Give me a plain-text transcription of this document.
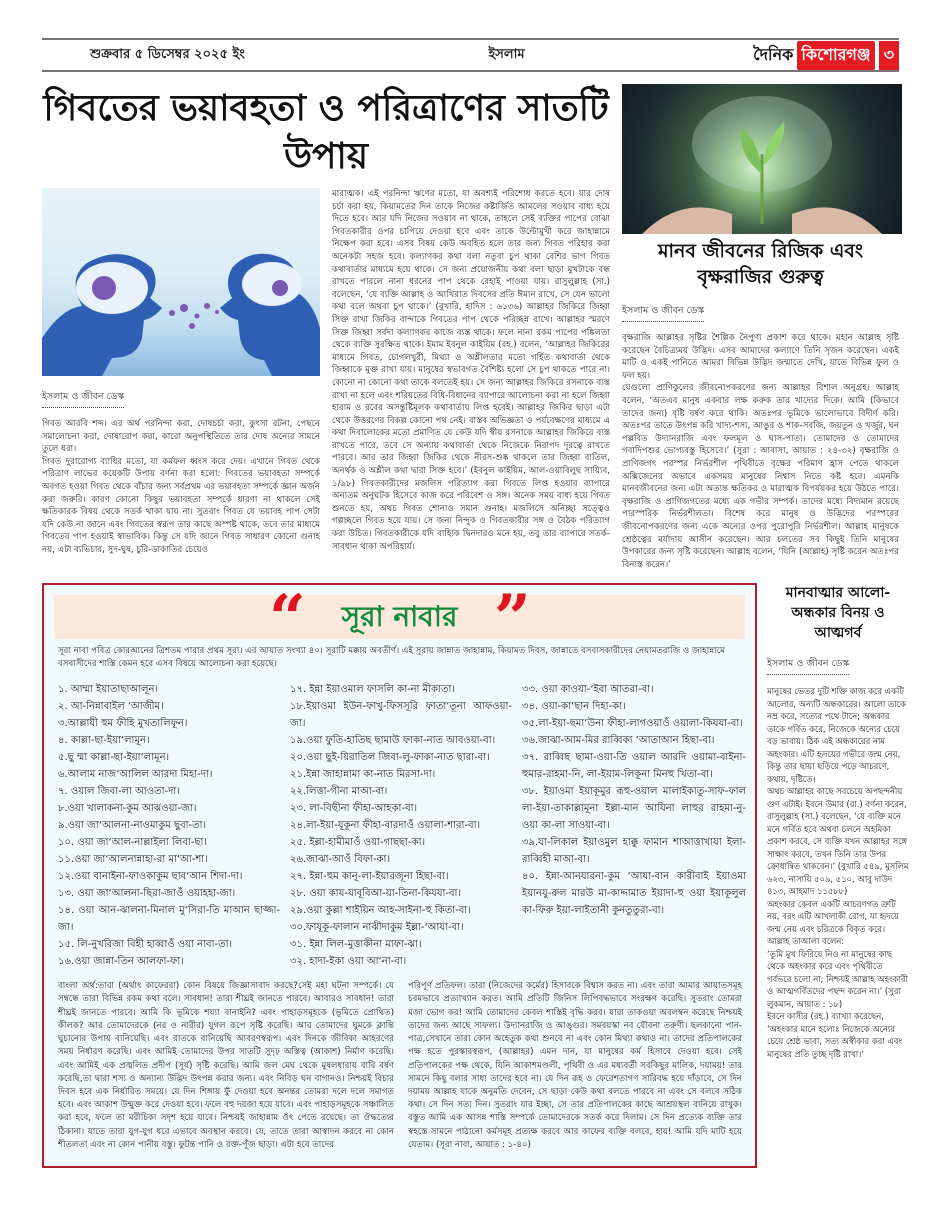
শুক্রবার ৫ ডিসেম্বর ২০২৫ ইং	ইসলাম	দৈনিক কিশোরগঞ্জ ৩
গিবতের ভয়াবহতা ও পরিত্রাণের সাতটি উপায়
ইসলাম ও জীবন ডেস্ক
গিবত আরবি শব্দ। এর অর্থ পরনিন্দা করা, দোষচর্চা করা, কুৎসা রটনা, পেছনে সমালোচনা করা, দোষারোপ করা, কারো অনুপস্থিতিতে তার দোষ অন্যের সামনে তুলে ধরা।
গিবত দুরারোগ্য ব্যাধির মতো, যা কর্মফল ধ্বংস করে দেয়। এখানে গিবত থেকে পরিত্রাণ লাভের কয়েকটি উপায় বর্ণনা করা হলো: গিবতের ভয়াবহতা সম্পর্কে অবগত হওয়া গিবত থেকে বাঁচার জন্য সর্বপ্রথম এর ভয়াবহতা সম্পর্কে জ্ঞান অর্জন করা জরুরি। কারণ কোনো কিছুর ভয়াবহতা সম্পর্কে ধারণা না থাকলে সেই ক্ষতিকারক বিষয় থেকে সতর্ক থাকা যায় না। সুতরাং গিবত যে ভয়াবহ পাপ সেটা যদি কেউ না জানে এবং গিবতের স্বরূপ তার কাছে অস্পষ্ট থাকে, তবে তার মাধ্যমে গিবতের পাপ হওয়াই স্বাভাবিক। কিন্তু সে যদি জানে গিবত সাধারণ কোনো গুনাহ নয়, এটা ব্যভিচার, সুদ-ঘুষ, চুরি-ডাকাতির চেয়েও
মারাত্মক। এই পরনিন্দা ঋণের মতো, যা অবশ্যই পরিশোধ করতে হবে। যার দোষ চর্চা করা হয়, কিয়ামতের দিন তাকে নিজের কষ্টার্জিত আমলের সওয়াব বাধ্য হয়ে দিতে হবে। আর যদি নিজের সওয়াব না থাকে, তাহলে সেই ব্যক্তির পাপের বোঝা গিবতকারীর ওপর চাপিয়ে দেওয়া হবে এবং তাকে উল্টোমুখী করে জাহান্নামে নিক্ষেপ করা হবে। এসব বিষয় কেউ অবহিত হলে তার জন্য গিবত পরিহার করা অনেকটা সহজ হবে। কল্যাণকর কথা বলা নতুবা চুপ থাকা বেশির ভাগ গিবত কথাবার্তার মাধ্যমে হয়ে থাকে। সে জন্য প্রয়োজনীয় কথা বলা ছাড়া মুখটাকে বন্ধ রাখতে পারলে নানা ধরনের পাপ থেকে রেহাই পাওয়া যায়। রাসুলুল্লাহ (সা.) বলেছেন, ‘যে ব্যক্তি আল্লাহ ও আখিরাত দিবসের প্রতি ঈমান রাখে, সে যেন ভালো কথা বলে অথবা চুপ থাকে।’ (বুখারি, হাদিস : ৬১৩৬) আল্লাহর জিকিরে জিহ্বা সিক্ত রাখা জিকির বান্দাকে গিবতের পাপ থেকে পরিচ্ছন্ন রাখে। আল্লাহর স্মরণে সিক্ত জিহ্বা সর্বদা কল্যাণকর কাজে ব্যস্ত থাকে। ফলে নানা রকম পাপের পঙ্কিলতা থেকে ব্যক্তি সুরক্ষিত থাকে। ইমাম ইবনুল কাইয়িম (রহ.) বলেন, ‘আল্লাহর জিকিরের মাধ্যমে গিবত, চোগলখুরী, মিথ্যা ও অশ্লীলতার মতো গর্হিত কথাবার্তা থেকে জিহ্বাকে মুক্ত রাখা যায়। মানুষের স্বভাবগত বৈশিষ্ট্য হলো সে চুপ থাকতে পারে না। কোনো না কোনো কথা তাকে বলতেই হয়। সে জন্য আল্লাহর জিকিরে রসনাকে ব্যস্ত রাখা না হলে এবং শরিয়তের বিধি-বিধানের ব্যাপারে আলোচনা করা না হলে জিহ্বা হারাম ও রবের অসন্তুষ্টিমূলক কথাবার্তায় লিপ্ত হবেই। আল্লাহর জিকির ছাড়া এটা থেকে উত্তরণের বিকল্প কোনো পথ নেই। বাস্তব অভিজ্ঞতা ও পর্যবেক্ষণের মাধ্যমে এ কথা দিবালোকের মতো প্রমাণিত যে কেউ যদি স্বীয় রসনাকে আল্লাহর জিকিরে ব্যস্ত রাখতে পারে, তবে সে অন্যায় কথাবার্তা থেকে নিজেকে নিরাপদ দূরত্বে রাখতে পারবে। আর তার জিহ্বা জিকির থেকে নীরস-শুষ্ক থাকলে তার জিহ্বা বাতিল, অনর্থক ও অশ্লীল কথা দ্বারা সিক্ত হবে।’ (ইবনুল কাইয়িম, আল-ওয়াবিলুছ সায়্যিব, ১/৯৮) গিবতকারীদের মজলিস পরিত্যাগ করা গিবতে লিপ্ত হওয়ার ব্যাপারে অন্যতম অনুঘটক হিসেবে কাজ করে পরিবেশ ও সঙ্গ। অনেক সময় বাধ্য হয়ে গিবত শুনতে হয়, অথচ গিবত শোনাও সমান গুনাহ। মজলিসে অনিচ্ছা সত্ত্বেও গল্পচ্ছলে গিবত হয়ে যায়। সে জন্য নিন্দুক ও গিবতকারীর সঙ্গ ও বৈঠক পরিত্যাগ করা উচিত। গিবতকারীকে যদি বাহ্যিক দ্বিনদারও মনে হয়, তবু তার ব্যাপারে সতর্ক-সাবধান থাকা অপরিহার্য।
মানব জীবনের রিজিক এবং বৃক্ষরাজির গুরুত্ব
ইসলাম ও জীবন ডেস্ক
বৃক্ষরাজি আল্লাহর সৃষ্টির শৈল্পিক নৈপুণ্য প্রকাশ করে থাকে। মহান আল্লাহ সৃষ্টি করেছেন বৈচিত্র্যময় উদ্ভিদ। এসব আমাদের কল্যাণে তিনি সৃজন করেছেন। একই মাটি ও একই পানিতে আমরা বিভিন্ন উদ্ভিদ জন্মাতে দেখি, যাতে বিভিন্ন ফুল ও ফল হয়।
যেগুলো প্রাণিকুলের জীবনোপকরণের জন্য আল্লাহর বিশাল অনুগ্রহ। আল্লাহ বলেন, ‘অতএব মানুষ একবার লক্ষ করুক তার খাদ্যের দিকে। আমি (কিভাবে তাদের জন্য) বৃষ্টি বর্ষণ করে থাকি। অতঃপর ভূমিকে ভালোভাবে বিদীর্ণ করি। অতঃপর তাতে উৎপন্ন করি খাদ্য-শস্য, আঙুর ও শাক-সবজি, জয়তুন ও খর্জুর, ঘন পল্লবিত উদ্যানরাজি এবং ফলমূল ও ঘাস-পাতা। তোমাদের ও তোমাদের গবাদিপশুর ভোগ্যবস্তু হিসেবে।’ (সুরা : আবাসা, আয়াত : ২৪-৩২) বৃক্ষরাজি ও প্রাণিজগৎ পরস্পর নির্ভরশীল পৃথিবীতে বৃক্ষের পরিমাণ হ্রাস পেতে থাকলে অক্সিজেনের অভাবে একসময় মানুষের নিশ্বাস নিতে কষ্ট হবে। এমনকি মানবজীবনের জন্য এটা অত্যন্ত ক্ষতিকর ও মারাত্মক বিপর্যয়কর হয়ে উঠতে পারে। বৃক্ষরাজি ও প্রাণিজগতের মধ্যে এক গভীর সম্পর্ক। তাদের মধ্যে বিদ্যমান রয়েছে পারস্পরিক নির্ভরশীলতা। বিশেষ করে মানুষ ও উদ্ভিদের পরস্পরের জীবনোপকরণের জন্য একে অন্যের ওপর পুরোপুরি নির্ভরশীল। আল্লাহ মানুষকে শ্রেষ্ঠত্বের মর্যাদায় আসীন করেছেন। আর চলতের সব কিছুই তিনি মানুষের উপকারের জন্য সৃষ্টি করেছেন। আল্লাহ বলেন, ‘যিনি (আল্লাহ) সৃষ্টি করেন অতঃপর বিন্যস্ত করেন।’
“	সূরা নাবার ”
সূরা নাবা পবিত্র কোরআনের ত্রিশতম পারার প্রথম সূরা। এর আয়াত সংখ্যা ৪০। সূরাটি মক্কায় অবতীর্ণ। এই সূরায় জান্নাত জাহান্নাম, কিয়ামত দিবস, জান্নাতে বসবাসকারীদের নেয়ামতরাজি ও জাহান্নামে বসবাসীদের শাস্তি কেমন হবে এসব বিষয়ে আলোচনা করা হয়েছে।
১. আম্মা ইয়াতাছাআলূন।
২. আ-নিন্নাবাইল ‘আজীম।
৩.আল্লাযী হুম ফীহি মুখতালিফূন।
৪. কাল্লা-ছা-ইয়া‘লামূন।
৫.ছু ম্মা কাল্লা-ছা-ইয়া‘লামূন।
৬.আলাম নাজ‘আলিল আরদা মিহা-দা।
৭. ওয়াল জিবা-লা আওতা-দা।
৮.ওয়া খালাকনা-কুম আঝওয়া-জা।
৯.ওয়া জা‘আলনা-নাওমাকুম ছুবা-তা।
১০. ওয়া জা‘আল-নাল্লাইলা লিবা-ছা।
১১.ওয়া জা‘আলনান্নাহা-রা মা‘আ-শা।
১২.ওয়া বানাইনা-ফাওকাকুম ছাব‘আন শিদা-দা।
১৩. ওয়া জা‘আলনা-ছিরা-জাওঁ ওয়াহহা-জা।
১৪. ওয়া আন-ঝালনা-মিনাল মু‘সিরা-তি মাআন ছাজ্জা-জা।
১৫. লি-নুখরিজা বিহী হাব্বাওঁ ওয়া নাবা-তা।
১৬.ওয়া জান্না-তিন আলফা-ফা।
১৭. ইন্না ইয়াওমাল ফাসলি কা-না মীকাতা।
১৮.ইয়াওমা ইউন-ফাখু-ফিসসূরি ফাতা‘তূনা আফওয়া-জা।
১৯.ওয়া ফুতি-হাতিছ ছামাউ ফাকা-নাত আবওয়া-বা।
২০.ওয়া ছুই-য়িরাতিল জিবা-লু-ফাকা-নাত ছারা-বা।
২১.ইন্না জাহান্নামা কা-নাত মিরসা-দা।
২২.লিত্তা-গীনা মাআ-বা।
২৩. লা-বিছীনা ফীহা-আহকা-বা।
২৪.লা-ইয়া-যূকূনা ফীহা-বারদাওঁ ওয়ালা-শারা-বা।
২৫. ইল্লা-হামীমাওঁ ওয়া-গাছছা-কা।
২৬.জাঝা-আওঁ বিফা-কা।
২৭. ইন্না-হুম কানূ-লা-ইয়ারজূনা হিছা-বা।
২৮. ওয়া কায-যাবূবিআ-য়া-তিনা-কিযযা-বা।
২৯.ওয়া কুল্লা শাইয়িন আহ-সাইনা-হু কিতা-বা।
৩০.ফাযূকূ-ফালান নাঝীদাকুম ইল্লা-‘আযা-বা।
৩১. ইন্না লিল-মুত্তাকীনা মাফা-ঝা।
৩২. হাদা-ইকা ওয়া আ‘না-বা।
৩৩. ওয়া কাওয়া-‘ইবা আতরা-বা।
৩৪. ওয়া-কা‘ছান দিহা-কা।
৩৫.লা-ইয়া-ছমা‘উনা ফীহা-লাগওয়াওঁ ওয়ালা-কিযযা-বা।
৩৬.জাঝা-আম-মির রাব্বিকা ‘আতাআন হিছা-বা।
৩৭. রাব্বিছ ছামা-ওয়া-তি ওয়াল আরদি ওয়ামা-বাইনা-হুমার-রাহমা-নি, লা-ইয়াম-লিকূনা মিনহু খিতা-বা।
৩৮. ইয়াওমা ইয়াকূমুর রূহু-ওয়াল মালাইকাতু-সাফ-ফাল লা-ইয়া-তাকাল্লামূনা ইল্লা-মান আযিনা লাহুর রাহমা-নু-ওয়া কা-লা সাওয়া-বা।
৩৯.যা-লিকাল ইয়াওমুল হাক্কু ফামান শাআত্তাখাযা ইলা-রাব্বিহী মাআ-বা।
৪০. ইন্না-আনযারনা-কুম ‘আযা-বান কারীবাই ইয়াওমা ইয়ানযু-রুল মারউ মা-কাদ্দামাত ইয়াদা-হু ওয়া ইয়াকূলুল কা-ফিরু ইয়া-লাইতানী কুনতুতুরা-বা।
বাংলা অর্থ:তারা (অর্থাৎ কাফেররা) কোন বিষয়ে জিজ্ঞাসাবাদ করছে?সেই মহা ঘটনা সম্পর্কে। যে সম্বন্ধে তারা বিভিন্ন রকম কথা বলে। সাবধান! তারা শীঘ্রই জানতে পারবে। আবারও সাবধান! তারা শীঘ্রই জানতে পারবে। আমি কি ভূমিকে শয্যা বানাইনি? এবং পাহাড়সমূহকে (ভূমিতে প্রোথিত) কীলক? আর তোমাদেরকে (নর ও নারীর) যুগল রূপে সৃষ্টি করেছি। আর তোমাদের ঘুমকে ক্লান্তি ঘুচানোর উপায় বানিয়েছি। এবং রাতকে বানিয়েছি আবরণস্বরূপ। এবং দিনকে জীবিকা আহরণের সময় নির্ধারণ করেছি। এবং আমিই তোমাদের উপর সাতটি সুদৃঢ় অস্তিত্ব (আকাশ) নির্মাণ করেছি। এবং আমিই এক প্রজ্বলিত প্রদীপ (সূর্য) সৃষ্টি করেছি। আমি জল মেঘ থেকে মুষলধারায় বারি বর্ষণ করেছি,তা দ্বারা শস্য ও অন্যান্য উদ্ভিদ উৎপন্ন করার জন্য। এবং নিবিড় ঘন বাগানও। নিশ্চয়ই বিচার দিবস হবে এক নির্ধারিত সময়ে। যে দিন শিঙ্গায় ফুঁ দেওয়া হবে অনন্তর তোমরা দলে দলে সমাগত হবে। এবং আকাশ উন্মুক্ত করে দেওয়া হবে। ফলে বহু দরজা হয়ে যাবে। এবং পাহাড়সমূহকে সঞ্চালিত করা হবে, ফলে তা মরীচিকা সদৃশ হয়ে যাবে। নিশ্চয়ই জাহান্নাম ওঁৎ পেতে রয়েছে। তা ঔদ্ধত্যের ঠিকানা। যাতে তারা যুগ-যুগ ধরে এভাবে অবস্থান করবে। যে, তাতে তারা আস্বাদন করবে না কোন শীতলতা এবং না কোন পানীয় বস্তু। ফুটন্ত পানি ও রক্ত-পূঁজ ছাড়া। এটা হবে তাদের
পরিপূর্ণ প্রতিফল। তারা (নিজেদের কর্মের) হিসাবকে বিশ্বাস করত না। এবং তারা আমার আয়াতসমূহ চরমভাবে প্রত্যাখ্যান করত। আমি প্রতিটি জিনিস লিপিবদ্ধভাবে সংরক্ষণ করেছি। সুতরাং তোমরা মজা ভোগ কর! আমি তোমাদের কেবল শাস্তিই বৃদ্ধি করব। যারা তাকওয়া অবলম্বন করেছে নিশ্চয়ই তাদের জন্য আছে সাফল্য। উদ্যানরাজি ও আঙ্গুর। সমবয়স্কা নব যৌবনা তরুণী। ছলকানো পান-পাত্র,সেখানে তারা কোন অহেতুক কথা শুনবে না এবং কোন মিথ্যা কথাও না। তাদের প্রতিপালকের পক্ষ হতে পুরস্কারস্বরূপ, (আল্লাহর) এমন দান, যা মানুষের কর্ম হিসাবে দেওয়া হবে। সেই প্রতিপালকের পক্ষ থেকে, যিনি আকাশমণ্ডলী, পৃথিবী ও এর মধ্যবর্তী সবকিছুর মালিক, দয়াময়! তার সামনে কিছু বলার সাধ্য তাদের হবে না। যে দিন রূহ ও ফেরেশতাগণ সারিবদ্ধ হয়ে দাঁড়াবে, সে দিন দয়াময় আল্লাহ যাকে অনুমতি দেবেন, সে ছাড়া কেউ কথা বলতে পারবে না এবং সে বলবে সঠিক কথা। সে দিন সত্য দিন। সুতরাং যার ইচ্ছা, সে তার প্রতিপালকের কাছে আশ্রয়স্থল বানিয়ে রাখুক। বস্তুত আমি এক আসন্ন শাস্তি সম্পর্কে তোমাদেরকে সতর্ক করে দিলাম। সে দিন প্রত্যেক ব্যক্তি তার স্বহস্তে সামনে পাঠানো কর্মসমূহ প্রত্যক্ষ করবে আর কাফের ব্যক্তি বলবে, হায়! আমি যদি মাটি হয়ে যেতাম। (সূরা নাবা, আয়াত : ১-৪০)
মানবাত্মার আলো-অন্ধকার বিনয় ও আত্মগর্ব
ইসলাম ও জীবন ডেস্ক
মানুষের ভেতর দুটি শক্তি কাজ করে একটি আলোর, অন্যটি অন্ধকারের। আলো তাকে নম্র করে, সত্যের পথে টানে; অন্ধকার তাকে গর্বিত করে, নিজেকে অন্যের চেয়ে বড় ভাবায়। ঠিক এই অন্ধকারের নাম অহংকার। এটি হৃদয়ের গভীরে জন্ম নেয়, কিন্তু তার ছায়া ছড়িয়ে পড়ে আচরণে, কথায়, দৃষ্টিতে।
অথচ আল্লাহর কাছে সবচেয়ে অপছন্দনীয় গুণ এটাই। ইবনে উমার (রা.) বর্ণনা করেন, রাসুলুল্লাহ (সা.) বলেছেন, ‘যে ব্যক্তি মনে মনে গর্বিত হবে অথবা চলনে অহমিকা প্রকাশ করবে, সে ব্যক্তি যখন আল্লাহর সঙ্গে সাক্ষাৎ করবে, তখন তিনি তার উপর ক্রোধান্বিত থাকবেন।’ (বুখারি ৫৪৯, মুসলিম ৬২৩, নাসায়ি ৫০৯, ৫১০, আবু দাউদ ৪১৩, আহমাদ ১১৫৮৮)
অহংকার কেবল একটি আচরণগত ত্রুটি নয়, বরং এটি আখলাকী রোগ, যা হৃদয়ে জন্ম নেয় এবং চরিত্রকে বিকৃত করে। আল্লাহ তাআলা বলেন:
‘তুমি মুখ ফিরিয়ে নিও না মানুষের কাছ থেকে অহংকার করে এবং পৃথিবীতে গর্বভরে চলো না; নিশ্চয়ই আল্লাহ অহংকারী ও আত্মগর্বিতদের পছন্দ করেন না।’ (সুরা লুকমান, আয়াত : ১৮)
ইবনে কাসীর (রহ.) ব্যাখ্যা করেছেন, ‘অহংকার মানে হলোঃ নিজেকে অন্যের চেয়ে শ্রেষ্ঠ ভাবা, সত্য অস্বীকার করা এবং মানুষের প্রতি তুচ্ছ দৃষ্টি রাখা।’
